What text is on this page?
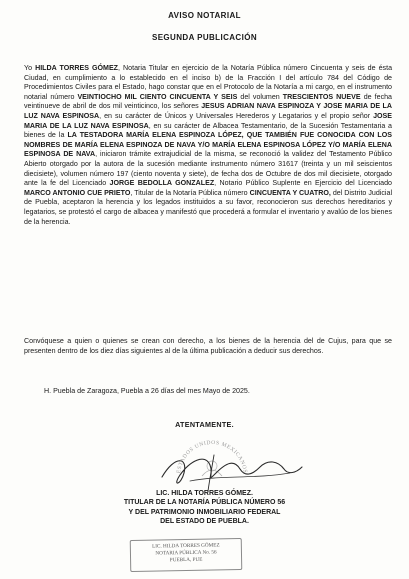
AVISO NOTARIAL
SEGUNDA PUBLICACIÓN
Yo HILDA TORRES GÓMEZ, Notaria Titular en ejercicio de la Notaría Pública número Cincuenta y seis de ésta Ciudad, en cumplimiento a lo establecido en el inciso b) de la Fracción I del artículo 784 del Código de Procedimientos Civiles para el Estado, hago constar que en el Protocolo de la Notaría a mi cargo, en el instrumento notarial número VEINTIOCHO MIL CIENTO CINCUENTA Y SEIS del volumen TRESCIENTOS NUEVE de fecha veintinueve de abril de dos mil veinticinco, los señores JESUS ADRIAN NAVA ESPINOZA Y JOSE MARIA DE LA LUZ NAVA ESPINOSA, en su carácter de Únicos y Universales Herederos y Legatarios y el propio señor JOSE MARIA DE LA LUZ NAVA ESPINOSA, en su carácter de Albacea Testamentario, de la Sucesión Testamentaria a bienes de la LA TESTADORA MARÍA ELENA ESPINOZA LÓPEZ, QUE TAMBIÉN FUE CONOCIDA CON LOS NOMBRES DE MARÍA ELENA ESPINOZA DE NAVA Y/O MARÍA ELENA ESPINOSA LÓPEZ Y/O MARÍA ELENA ESPINOSA DE NAVA, iniciaron trámite extrajudicial de la misma, se reconoció la validez del Testamento Público Abierto otorgado por la autora de la sucesión mediante instrumento número 31617 (treinta y un mil seiscientos diecisiete), volumen número 197 (ciento noventa y siete), de fecha dos de Octubre de dos mil diecisiete, otorgado ante la fe del Licenciado JORGE BEDOLLA GONZALEZ, Notario Público Suplente en Ejercicio del Licenciado MARCO ANTONIO CUE PRIETO, Titular de la Notaría Pública número CINCUENTA Y CUATRO, del Distrito Judicial de Puebla, aceptaron la herencia y los legados instituidos a su favor, reconocieron sus derechos hereditarios y legatarios, se protestó el cargo de albacea y manifestó que procederá a formular el inventario y avalúo de los bienes de la herencia.
Convóquese a quien o quienes se crean con derecho, a los bienes de la herencia del de Cujus, para que se presenten dentro de los diez días siguientes al de la última publicación a deducir sus derechos.
H. Puebla de Zaragoza, Puebla a 26 días del mes Mayo de 2025.
ATENTAMENTE.
ESTADOS UNIDOS MEXICANOS
LIC. HILDA TORRES GÓMEZ.
TITULAR DE LA NOTARÍA PÚBLICA NÚMERO 56
Y DEL PATRIMONIO INMOBILIARIO FEDERAL
DEL ESTADO DE PUEBLA.
LIC. HILDA TORRES GÓMEZ
NOTARIA PÚBLICA No. 56
PUEBLA, PUE
